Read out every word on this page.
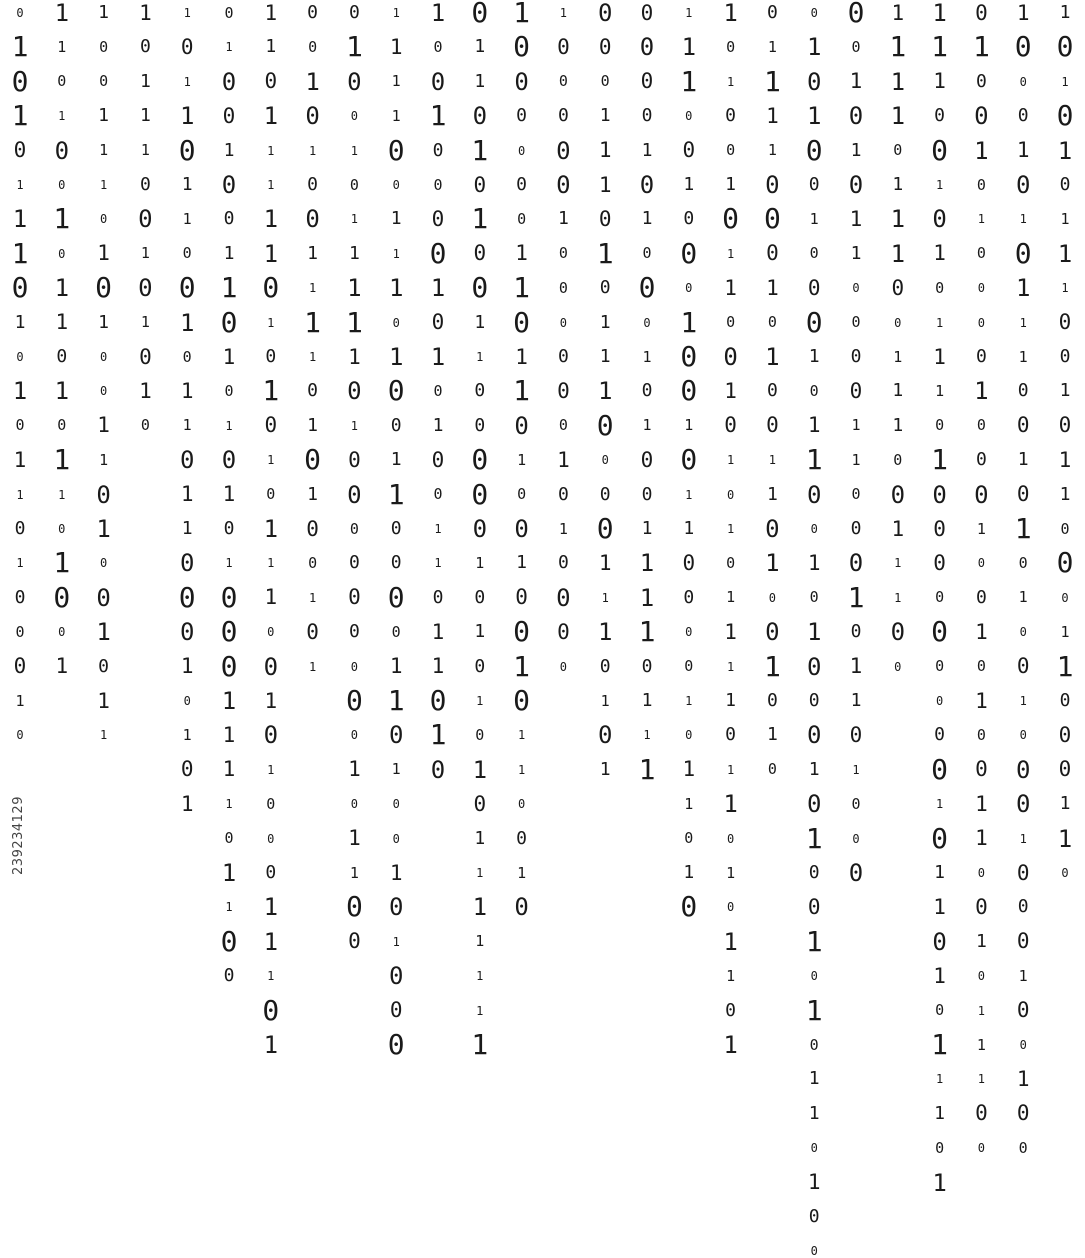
0
1
0
1
0
1
1
1
0
1
0
1
0
1
1
0
1
0
0
0
1
0
1
1
0
1
0
0
1
0
1
1
0
1
0
1
1
0
1
0
0
1
1
0
0
1
1
1
0
1
0
1
0
0
1
1
0
1
0
0
1
0
1
1
1
0
1
1
1
0
0
1
0
1
0
1
0
1
0
1
1
0
1
1
0
0
1
0
1
1
0
1
1
0
0
0
1
0
1
0
1
0
1
0
0
1
0
0
1
1
0
1
0
1
0
1
0
1
0
0
0
1
1
1
1
0
1
1
0
0
1
1
0
1
1
1
1
1
0
1
0
1
0
1
0
1
1
1
0
0
1
0
1
0
0
0
1
1
1
0
1
0
0
1
0
1
0
0
1
1
1
1
0
1
0
1
0
0
1
0
1
0
1
0
0
1
0
1
1
1
1
1
0
1
0
0
0
0
0
0
0
0
0
1
0
1
1
0
0
1
1
1
1
0
0
1
1
1
0
1
0
0
1
1
0
0
0
0
1
1
0
1
0
0
1
0
1
0
0
0
1
0
0
1
0
0
0
0
1
0
1
0
1
0
0
1
1
0
1
1
0
1
0
0
1
1
0
1
0
1
0
0
1
1
0
0
0
0
0
1
0
1
0
1
0
1
0
1
1
1
1
1
1
1
1
0
0
0
0
0
0
1
1
0
1
1
0
1
0
0
1
0
0
1
0
1
1
0
0
1
0
1
0
0
0
0
0
1
0
0
0
0
0
0
1
0
1
0
0
0
0
0
0
0
1
1
1
0
1
0
1
1
1
0
0
0
0
1
1
1
0
1
0
1
0
0
0
0
1
0
1
0
0
0
1
0
1
0
0
1
1
1
1
0
1
1
1
1
1
1
0
0
1
0
0
0
1
0
0
1
0
1
1
0
0
0
0
1
0
1
1
0
1
0
1
0
1
0
0
1
0
1
1
0
0
1
0
1
0
1
0
1
1
1
1
0
1
1
0
1
0
1
1
0
1
0
1
1
1
1
0
0
0
1
0
1
0
0
1
1
0
1
0
0
1
0
1
0
0
1
0
1
0
0
1
0
0
0
1
0
1
1
0
0
1
0
1
0
0
0
1
0
1
0
0
1
0
1
0
1
1
0
1
0
0
0
0
1
0
1
0
1
1
0
0
0
0
1
1
0
0
0
1
0
1
1
0
1
0
0
0
1
1
1
1
0
1
1
1
0
0
1
1
1
0
0
1
1
1
0
0
1
1
1
0
0
1
0
1
0
1
1
1
0
1
0
0
0
0
0
0
0
0
0
1
0
1
1
0
1
0
1
1
1
0
1
0
1
0
0
1
0
1
0
0
0
0
1
0
0
0
1
0
0
1
0
1
0
0
1
1
0
0
1
0
1
1
1
0
0
1
0
0
0
1
0
1
0
1
1
1
0
0
1
0
1
0
1
0
0
1
0
0
0
1
0
0
0
1
0
0
1
0
0
1
0
1
0
1
0
1
1
1
0
0
1
0
1
1
0
0
0
1
1
0
0
0
1
1
0
239234129
